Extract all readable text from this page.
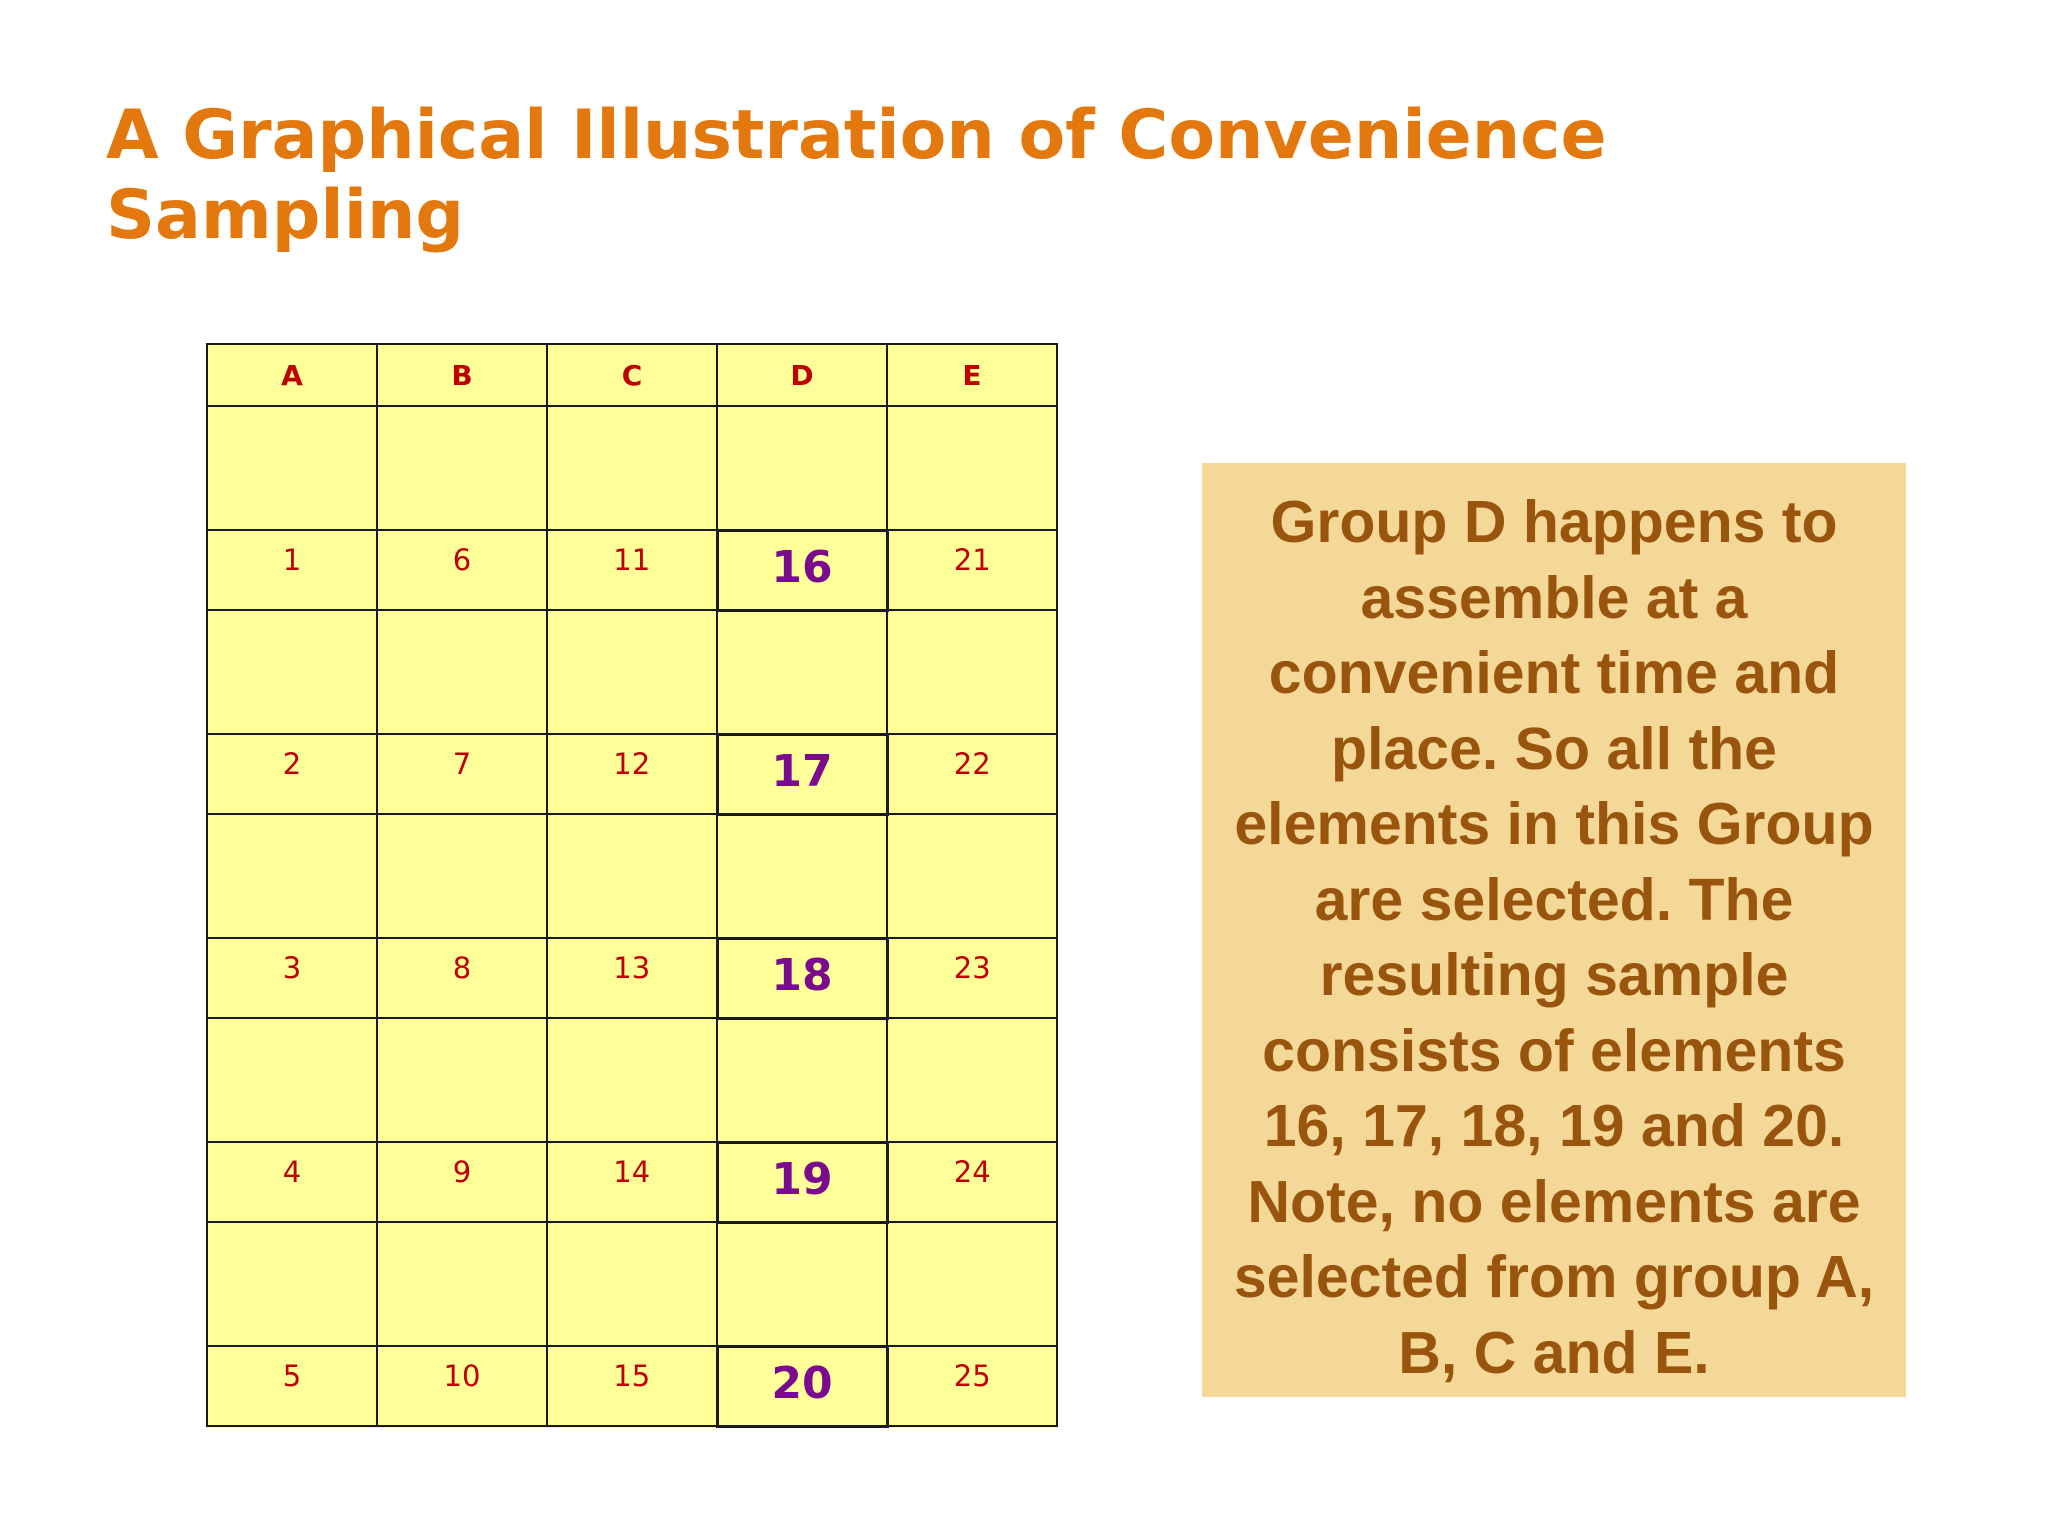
A Graphical Illustration of Convenience Sampling
A	B	C	D	E

1	6	11	16	21

2	7	12	17	22

3	8	13	18	23

4	9	14	19	24

5	10	15	20	25
Group D happens to assemble at a convenient time and place. So all the elements in this Group are selected. The resulting sample consists of elements 16, 17, 18, 19 and 20. Note, no elements are selected from group A, B, C and E.
